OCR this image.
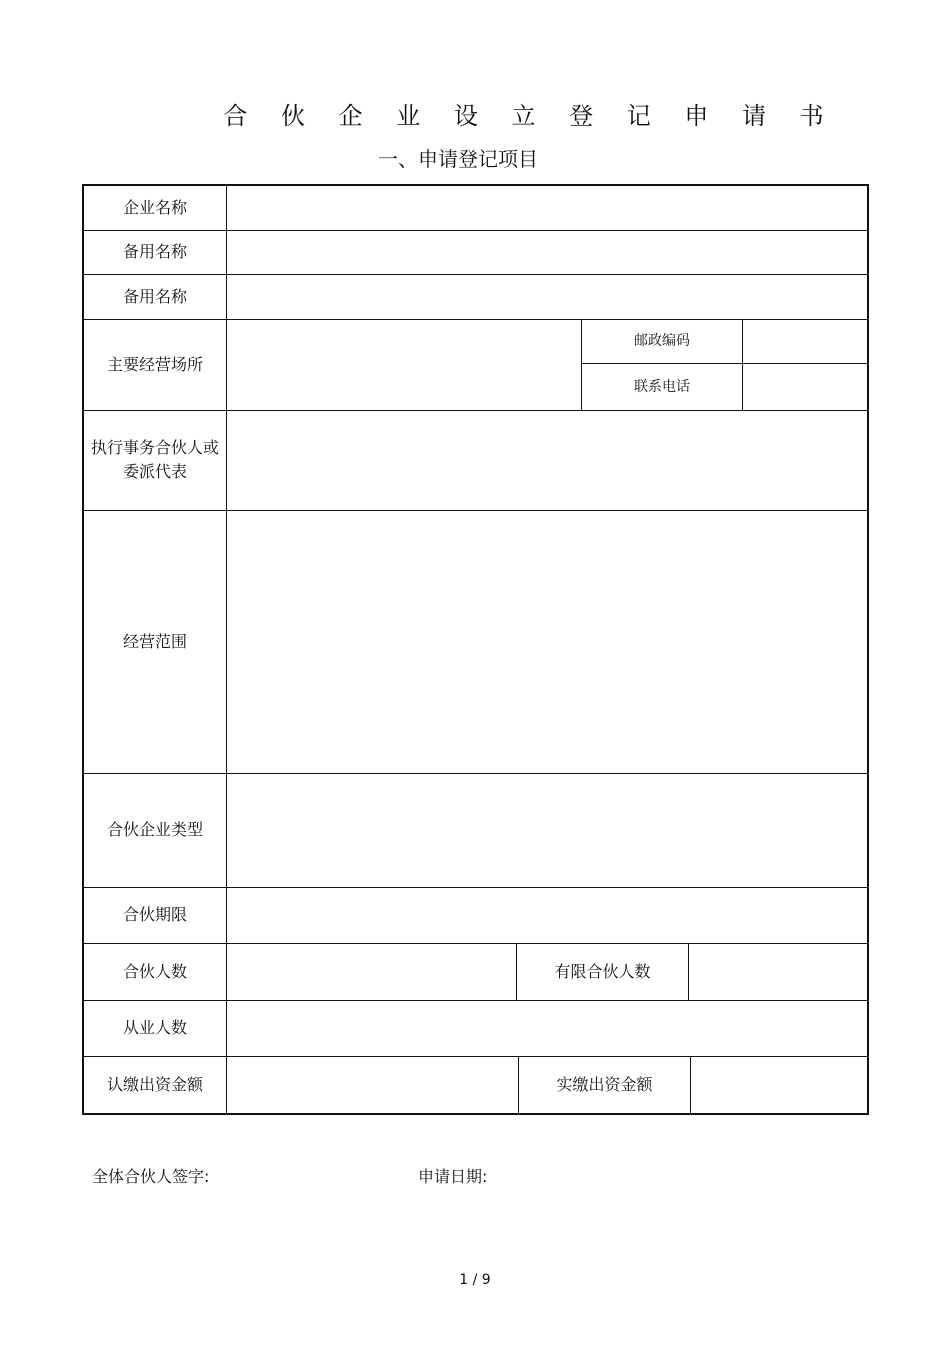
合 伙 企 业 设 立 登 记 申 请 书
一、申请登记项目
企业名称
备用名称
备用名称
主要经营场所
邮政编码
联系电话
执行事务合伙人或委派代表
经营范围
合伙企业类型
合伙期限
合伙人数	有限合伙人数
从业人数
认缴出资金额	实缴出资金额
全体合伙人签字:	申请日期:
1 / 9
